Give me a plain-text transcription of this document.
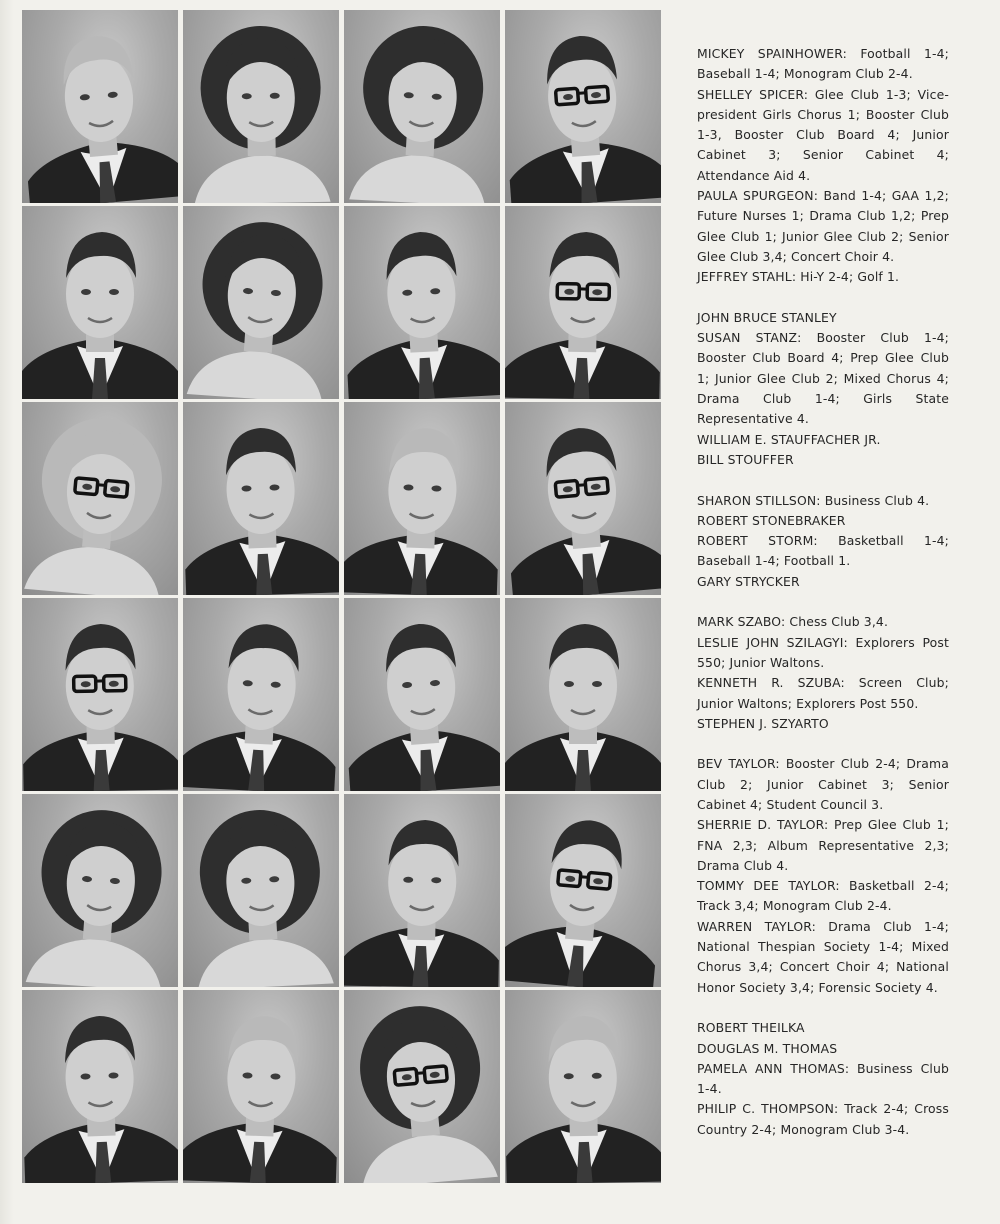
MICKEY SPAINHOWER: Football 1-4; Baseball 1-4; Monogram Club 2-4.

SHELLEY SPICER: Glee Club 1-3; Vice-president Girls Chorus 1; Booster Club 1-3, Booster Club Board 4; Junior Cabinet 3; Senior Cabinet 4; Attendance Aid 4.

PAULA SPURGEON: Band 1-4; GAA 1,2; Future Nurses 1; Drama Club 1,2; Prep Glee Club 1; Junior Glee Club 2; Senior Glee Club 3,4; Concert Choir 4.

JEFFREY STAHL: Hi-Y 2-4; Golf 1.

JOHN BRUCE STANLEY

SUSAN STANZ: Booster Club 1-4; Booster Club Board 4; Prep Glee Club 1; Junior Glee Club 2; Mixed Chorus 4; Drama Club 1-4; Girls State Representative 4.

WILLIAM E. STAUFFACHER JR.

BILL STOUFFER

SHARON STILLSON: Business Club 4.

ROBERT STONEBRAKER

ROBERT STORM: Basketball 1-4; Baseball 1-4; Football 1.

GARY STRYCKER

MARK SZABO: Chess Club 3,4.

LESLIE JOHN SZILAGYI: Explorers Post 550; Junior Waltons.

KENNETH R. SZUBA: Screen Club; Junior Waltons; Explorers Post 550.

STEPHEN J. SZYARTO

BEV TAYLOR: Booster Club 2-4; Drama Club 2; Junior Cabinet 3; Senior Cabinet 4; Student Council 3.

SHERRIE D. TAYLOR: Prep Glee Club 1; FNA 2,3; Album Representative 2,3; Drama Club 4.

TOMMY DEE TAYLOR: Basketball 2-4; Track 3,4; Monogram Club 2-4.

WARREN TAYLOR: Drama Club 1-4; National Thespian Society 1-4; Mixed Chorus 3,4; Concert Choir 4; National Honor Society 3,4; Forensic Society 4.

ROBERT THEILKA

DOUGLAS M. THOMAS

PAMELA ANN THOMAS: Business Club 1-4.

PHILIP C. THOMPSON: Track 2-4; Cross Country 2-4; Monogram Club 3-4.
